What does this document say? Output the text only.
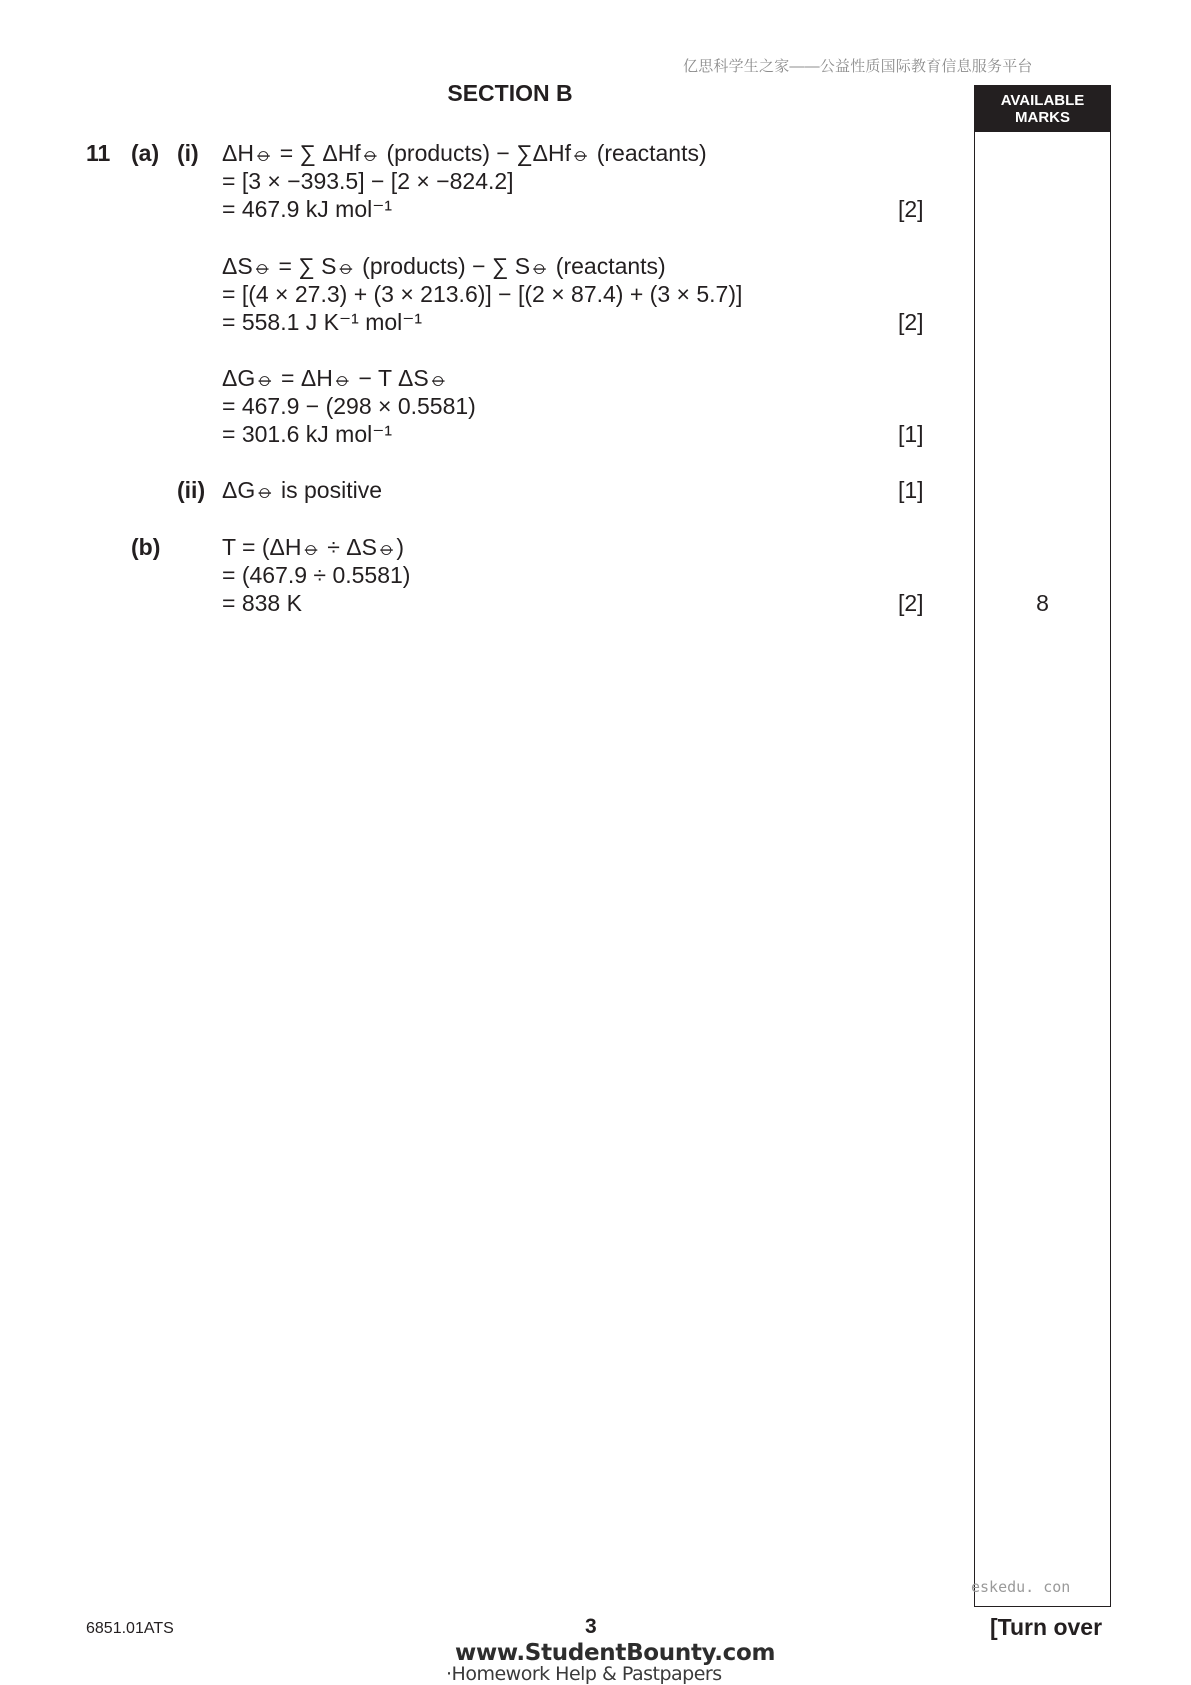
亿思科学生之家——公益性质国际教育信息服务平台
SECTION B	AVAILABLE MARKS
11 (a) (i) ΔH⦵ = ∑ ΔHf⦵ (products) − ∑ΔHf⦵ (reactants)
= [3 × −393.5] − [2 × −824.2]
= 467.9 kJ mol⁻¹	[2]
ΔS⦵ = ∑ S⦵ (products) − ∑ S⦵ (reactants)
= [(4 × 27.3) + (3 × 213.6)] − [(2 × 87.4) + (3 × 5.7)]
= 558.1 J K⁻¹ mol⁻¹	[2]
ΔG⦵ = ΔH⦵ − T ΔS⦵
= 467.9 − (298 × 0.5581)
= 301.6 kJ mol⁻¹	[1]
(ii) ΔG⦵ is positive	[1]
(b)	T = (ΔH⦵ ÷ ΔS⦵)
= (467.9 ÷ 0.5581)
= 838 K	[2]	8
eskedu. con
6851.01ATS	3	[Turn over
www.StudentBounty.com
·Homework Help & Pastpapers
